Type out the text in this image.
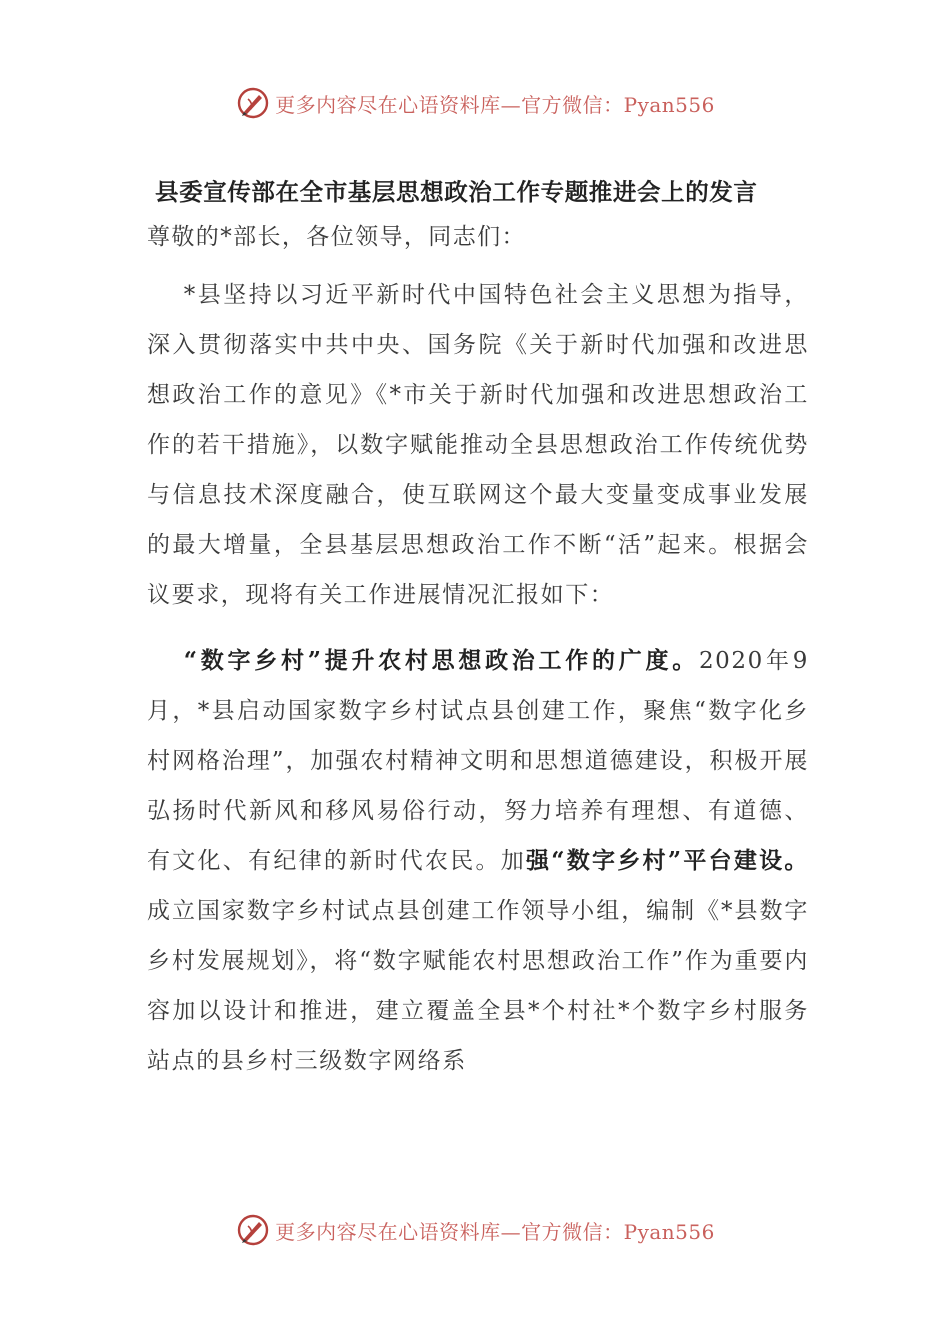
更多内容尽在心语资料库—官方微信：Pyan556
县委宣传部在全市基层思想政治工作专题推进会上的发言

尊敬的*部长，各位领导，同志们：

*县坚持以习近平新时代中国特色社会主义思想为指导，深入贯彻落实中共中央、国务院《关于新时代加强和改进思想政治工作的意见》《*市关于新时代加强和改进思想政治工作的若干措施》，以数字赋能推动全县思想政治工作传统优势与信息技术深度融合，使互联网这个最大变量变成事业发展的最大增量，全县基层思想政治工作不断“活”起来。根据会议要求，现将有关工作进展情况汇报如下：

“数字乡村”提升农村思想政治工作的广度。2020年9月，*县启动国家数字乡村试点县创建工作，聚焦“数字化乡村网格治理”，加强农村精神文明和思想道德建设，积极开展弘扬时代新风和移风易俗行动，努力培养有理想、有道德、有文化、有纪律的新时代农民。加强“数字乡村”平台建设。成立国家数字乡村试点县创建工作领导小组，编制《*县数字乡村发展规划》，将“数字赋能农村思想政治工作”作为重要内容加以设计和推进，建立覆盖全县*个村社*个数字乡村服务站点的县乡村三级数字网络系

更多内容尽在心语资料库—官方微信：Pyan556
